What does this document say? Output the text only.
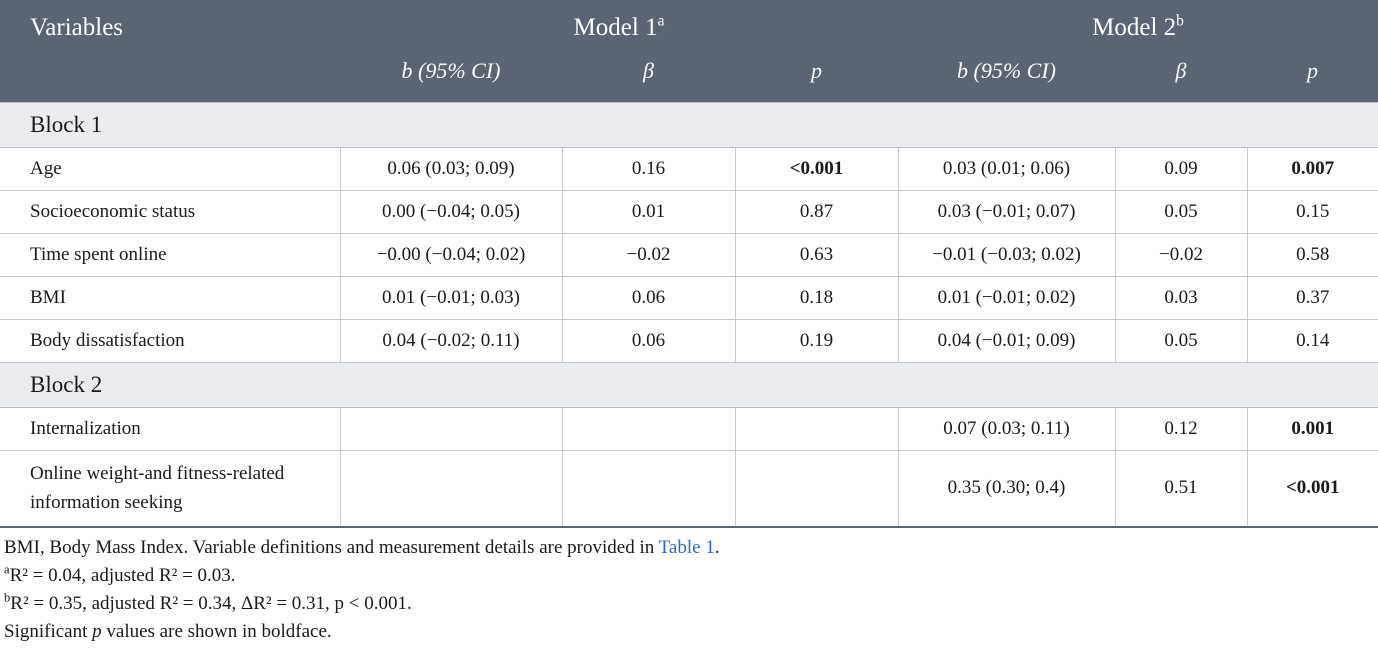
Variables	Model 1$^a$			Model 2$^b$
	b (95% CI)	β	p	b (95% CI)	β	p
Block 1						
Age	0.06 (0.03; 0.09)	0.16	<0.001	0.03 (0.01; 0.06)	0.09	0.007
Socioeconomic status	0.00 (−0.04; 0.05)	0.01	0.87	0.03 (−0.01; 0.07)	0.05	0.15
Time spent online	−0.00 (−0.04; 0.02)	−0.02	0.63	−0.01 (−0.03; 0.02)	−0.02	0.58
BMI	0.01 (−0.01; 0.03)	0.06	0.18	0.01 (−0.01; 0.02)	0.03	0.37
Body dissatisfaction	0.04 (−0.02; 0.11)	0.06	0.19	0.04 (−0.01; 0.09)	0.05	0.14
Block 2						
Internalization				0.07 (0.03; 0.11)	0.12	0.001
Online weight-and fitness-related information seeking				0.35 (0.30; 0.4)	0.51	<0.001
BMI, Body Mass Index. Variable definitions and measurement details are provided in Table 1.
$^a$R² = 0.04, adjusted R² = 0.03.
$^b$R² = 0.35, adjusted R² = 0.34, ΔR² = 0.31, p < 0.001.
Significant p values are shown in boldface.
